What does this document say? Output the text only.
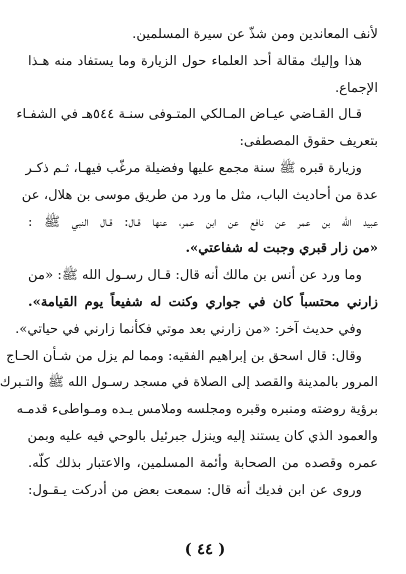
لأنف المعاندين ومن شذّ عن سيرة المسلمين.
هذا وإليك مقالة أحد العلماء حول الزيارة وما يستفاد منه هـذا
الإجماع.
قـال القـاضي عيـاض المـالكي المتـوفى سنـة ٥٤٤هـ في الشفـاء
بتعريف حقوق المصطفى:
وزيارة قبره ﷺ سنة مجمع عليها وفضيلة مرغّب فيهـا، ثـم ذكـر
عدة من أحاديث الباب، مثل ما ورد من طريق موسى بن هلال، عن
عبيد الله بن عمر عن نافع عن ابن عمر، عنها قـال: قـال النبي ﷺ :
«من زار قبري وجبت له شفاعتي».
وما ورد عن أنس بن مالك أنه قال: قـال رسـول الله ﷺ: «من
زارني محتسباً كان في جواري وكنت له شفيعاً يوم القيامة».
وفي حديث آخر: «من زارني بعد موتي فكأنما زارني في حياتي».
وقال: قال اسحق بن إبراهيم الفقيه: ومما لم يزل من شـأن الحـاج
المرور بالمدينة والقصد إلى الصلاة في مسجد رسـول الله ﷺ والتـبرك
برؤية روضته ومنبره وقبره ومجلسه وملامس يـده ومـواطىء قدمـه
والعمود الذي كان يستند إليه وينزل جبرئيل بالوحي فيه عليه وبمن
عمره وقصده من الصحابة وأئمة المسلمين، والاعتبار بذلك كلّه.
وروى عن ابن فديك أنه قال: سمعت بعض من أدركت يـقـول:
( ٤٤ )
